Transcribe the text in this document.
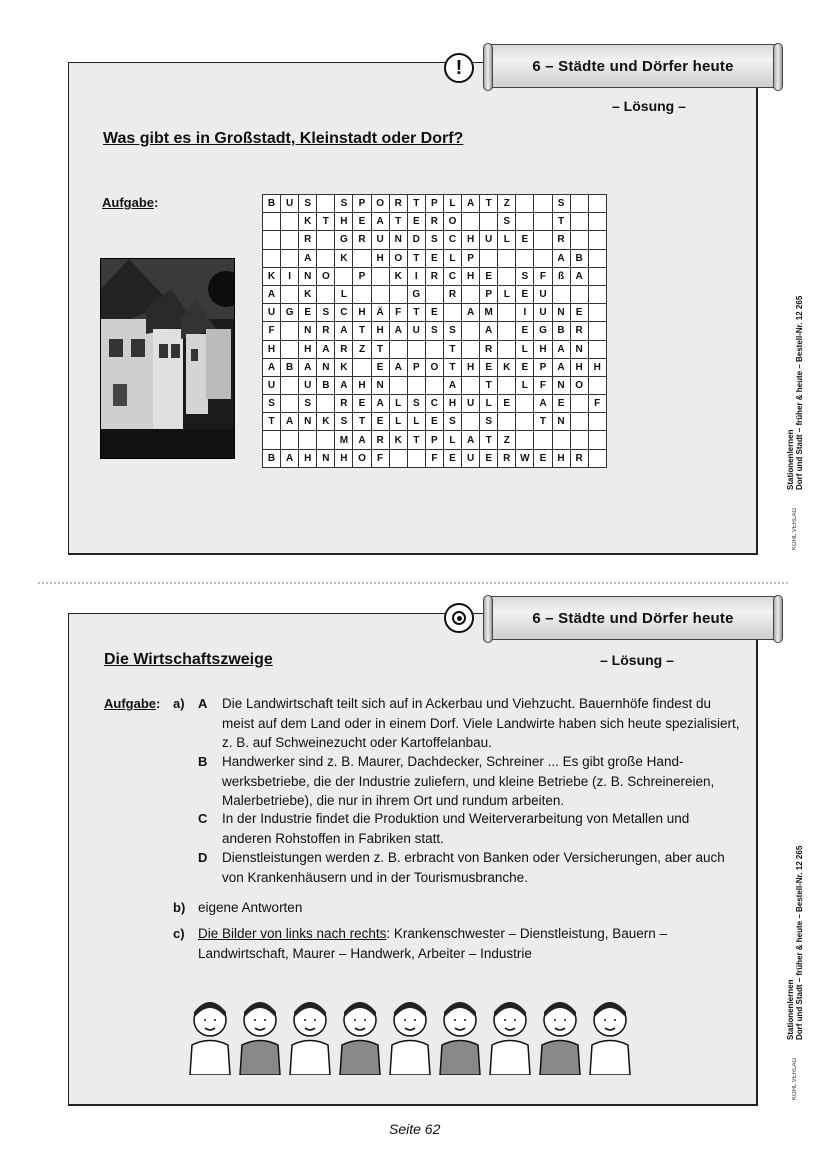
!	6 – Städte und Dörfer heute
– Lösung –
Was gibt es in Großstadt, Kleinstadt oder Dorf?
Aufgabe:	B	U	S		S	P	O	R	T	P	L	A	T	Z			S		
		K	T	H	E	A	T	E	R	O			S			T		
		R		G	R	U	N	D	S	C	H	U	L	E		R		
		A		K		H	O	T	E	L	P					A	B	
K	I	N	O		P		K	I	R	C	H	E		S	F	ß	A	
A		K		L				G		R		P	L	E	U			
U	G	E	S	C	H	Ä	F	T	E		A	M		I	U	N	E	
F		N	R	A	T	H	A	U	S	S		A		E	G	B	R	
H		H	A	R	Z	T				T		R		L	H	A	N	
A	B	A	N	K		E	A	P	O	T	H	E	K	E	P	A	H	H
U		U	B	A	H	N				A		T		L	F	N	O	
S		S		R	E	A	L	S	C	H	U	L	E		A	E		F
T	A	N	K	S	T	E	L	L	E	S		S			T	N		
				M	A	R	K	T	P	L	A	T	Z					
B	A	H	N	H	O	F			F	E	U	E	R	W	E	H	R	
6 – Städte und Dörfer heute
Die Wirtschaftszweige	– Lösung –
Aufgabe: a) A Die Landwirtschaft teilt sich auf in Ackerbau und Viehzucht. Bauernhöfe findest du meist auf dem Land oder in einem Dorf. Viele Landwirte haben sich heute spezialisiert, z. B. auf Schweinezucht oder Kartoffelanbau.
B Handwerker sind z. B. Maurer, Dachdecker, Schreiner ... Es gibt große Handwerksbetriebe, die der Industrie zuliefern, und kleine Betriebe (z. B. Schreinereien, Malerbetriebe), die nur in ihrem Ort und rundum arbeiten.
C In der Industrie findet die Produktion und Weiterverarbeitung von Metallen und anderen Rohstoffen in Fabriken statt.
D Dienstleistungen werden z. B. erbracht von Banken oder Versicherungen, aber auch von Krankenhäusern und in der Tourismusbranche.
b) eigene Antworten
c) Die Bilder von links nach rechts: Krankenschwester – Dienstleistung, Bauern – Landwirtschaft, Maurer – Handwerk, Arbeiter – Industrie
Stationenlernen Dorf und Stadt – früher & heute – Bestell-Nr. 12 265
KOHL VERLAG
Stationenlernen Dorf und Stadt – früher & heute – Bestell-Nr. 12 265
KOHL VERLAG
Seite 62
